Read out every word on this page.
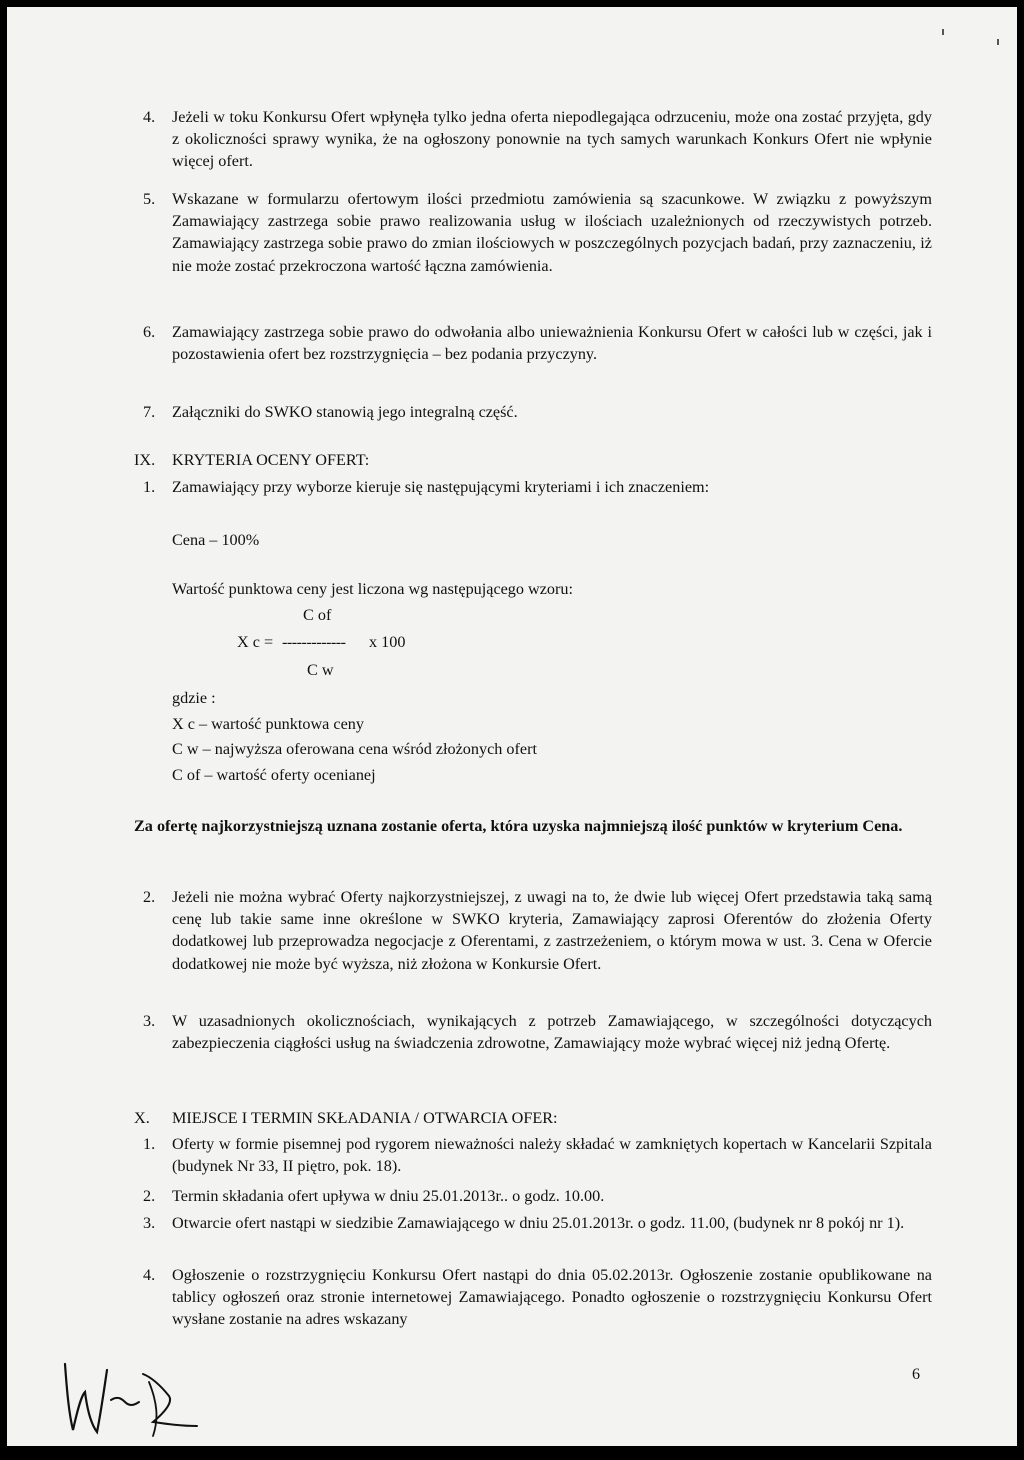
4. Jeżeli w toku Konkursu Ofert wpłynęła tylko jedna oferta niepodlegająca odrzuceniu, może ona zostać przyjęta, gdy z okoliczności sprawy wynika, że na ogłoszony ponownie na tych samych warunkach Konkurs Ofert nie wpłynie więcej ofert.
5. Wskazane w formularzu ofertowym ilości przedmiotu zamówienia są szacunkowe. W związku z powyższym Zamawiający zastrzega sobie prawo realizowania usług w ilościach uzależnionych od rzeczywistych potrzeb. Zamawiający zastrzega sobie prawo do zmian ilościowych w poszczególnych pozycjach badań, przy zaznaczeniu, iż nie może zostać przekroczona wartość łączna zamówienia.
6. Zamawiający zastrzega sobie prawo do odwołania albo unieważnienia Konkursu Ofert w całości lub w części, jak i pozostawienia ofert bez rozstrzygnięcia – bez podania przyczyny.
7. Załączniki do SWKO stanowią jego integralną część.
IX. KRYTERIA OCENY OFERT:
1. Zamawiający przy wyborze kieruje się następującymi kryteriami i ich znaczeniem:
Cena – 100%
Wartość punktowa ceny jest liczona wg następującego wzoru:
C of
X c = ------------- x 100
C w
gdzie :
X c – wartość punktowa ceny
C w – najwyższa oferowana cena wśród złożonych ofert
C of – wartość oferty ocenianej
Za ofertę najkorzystniejszą uznana zostanie oferta, która uzyska najmniejszą ilość punktów w kryterium Cena.
2. Jeżeli nie można wybrać Oferty najkorzystniejszej, z uwagi na to, że dwie lub więcej Ofert przedstawia taką samą cenę lub takie same inne określone w SWKO kryteria, Zamawiający zaprosi Oferentów do złożenia Oferty dodatkowej lub przeprowadza negocjacje z Oferentami, z zastrzeżeniem, o którym mowa w ust. 3. Cena w Ofercie dodatkowej nie może być wyższa, niż złożona w Konkursie Ofert.
3. W uzasadnionych okolicznościach, wynikających z potrzeb Zamawiającego, w szczególności dotyczących zabezpieczenia ciągłości usług na świadczenia zdrowotne, Zamawiający może wybrać więcej niż jedną Ofertę.
X. MIEJSCE I TERMIN SKŁADANIA / OTWARCIA OFER:
1. Oferty w formie pisemnej pod rygorem nieważności należy składać w zamkniętych kopertach w Kancelarii Szpitala (budynek Nr 33, II piętro, pok. 18).
2. Termin składania ofert upływa w dniu 25.01.2013r.. o godz. 10.00.
3. Otwarcie ofert nastąpi w siedzibie Zamawiającego w dniu 25.01.2013r. o godz. 11.00, (budynek nr 8 pokój nr 1).
4. Ogłoszenie o rozstrzygnięciu Konkursu Ofert nastąpi do dnia 05.02.2013r. Ogłoszenie zostanie opublikowane na tablicy ogłoszeń oraz stronie internetowej Zamawiającego. Ponadto ogłoszenie o rozstrzygnięciu Konkursu Ofert wysłane zostanie na adres wskazany
6
